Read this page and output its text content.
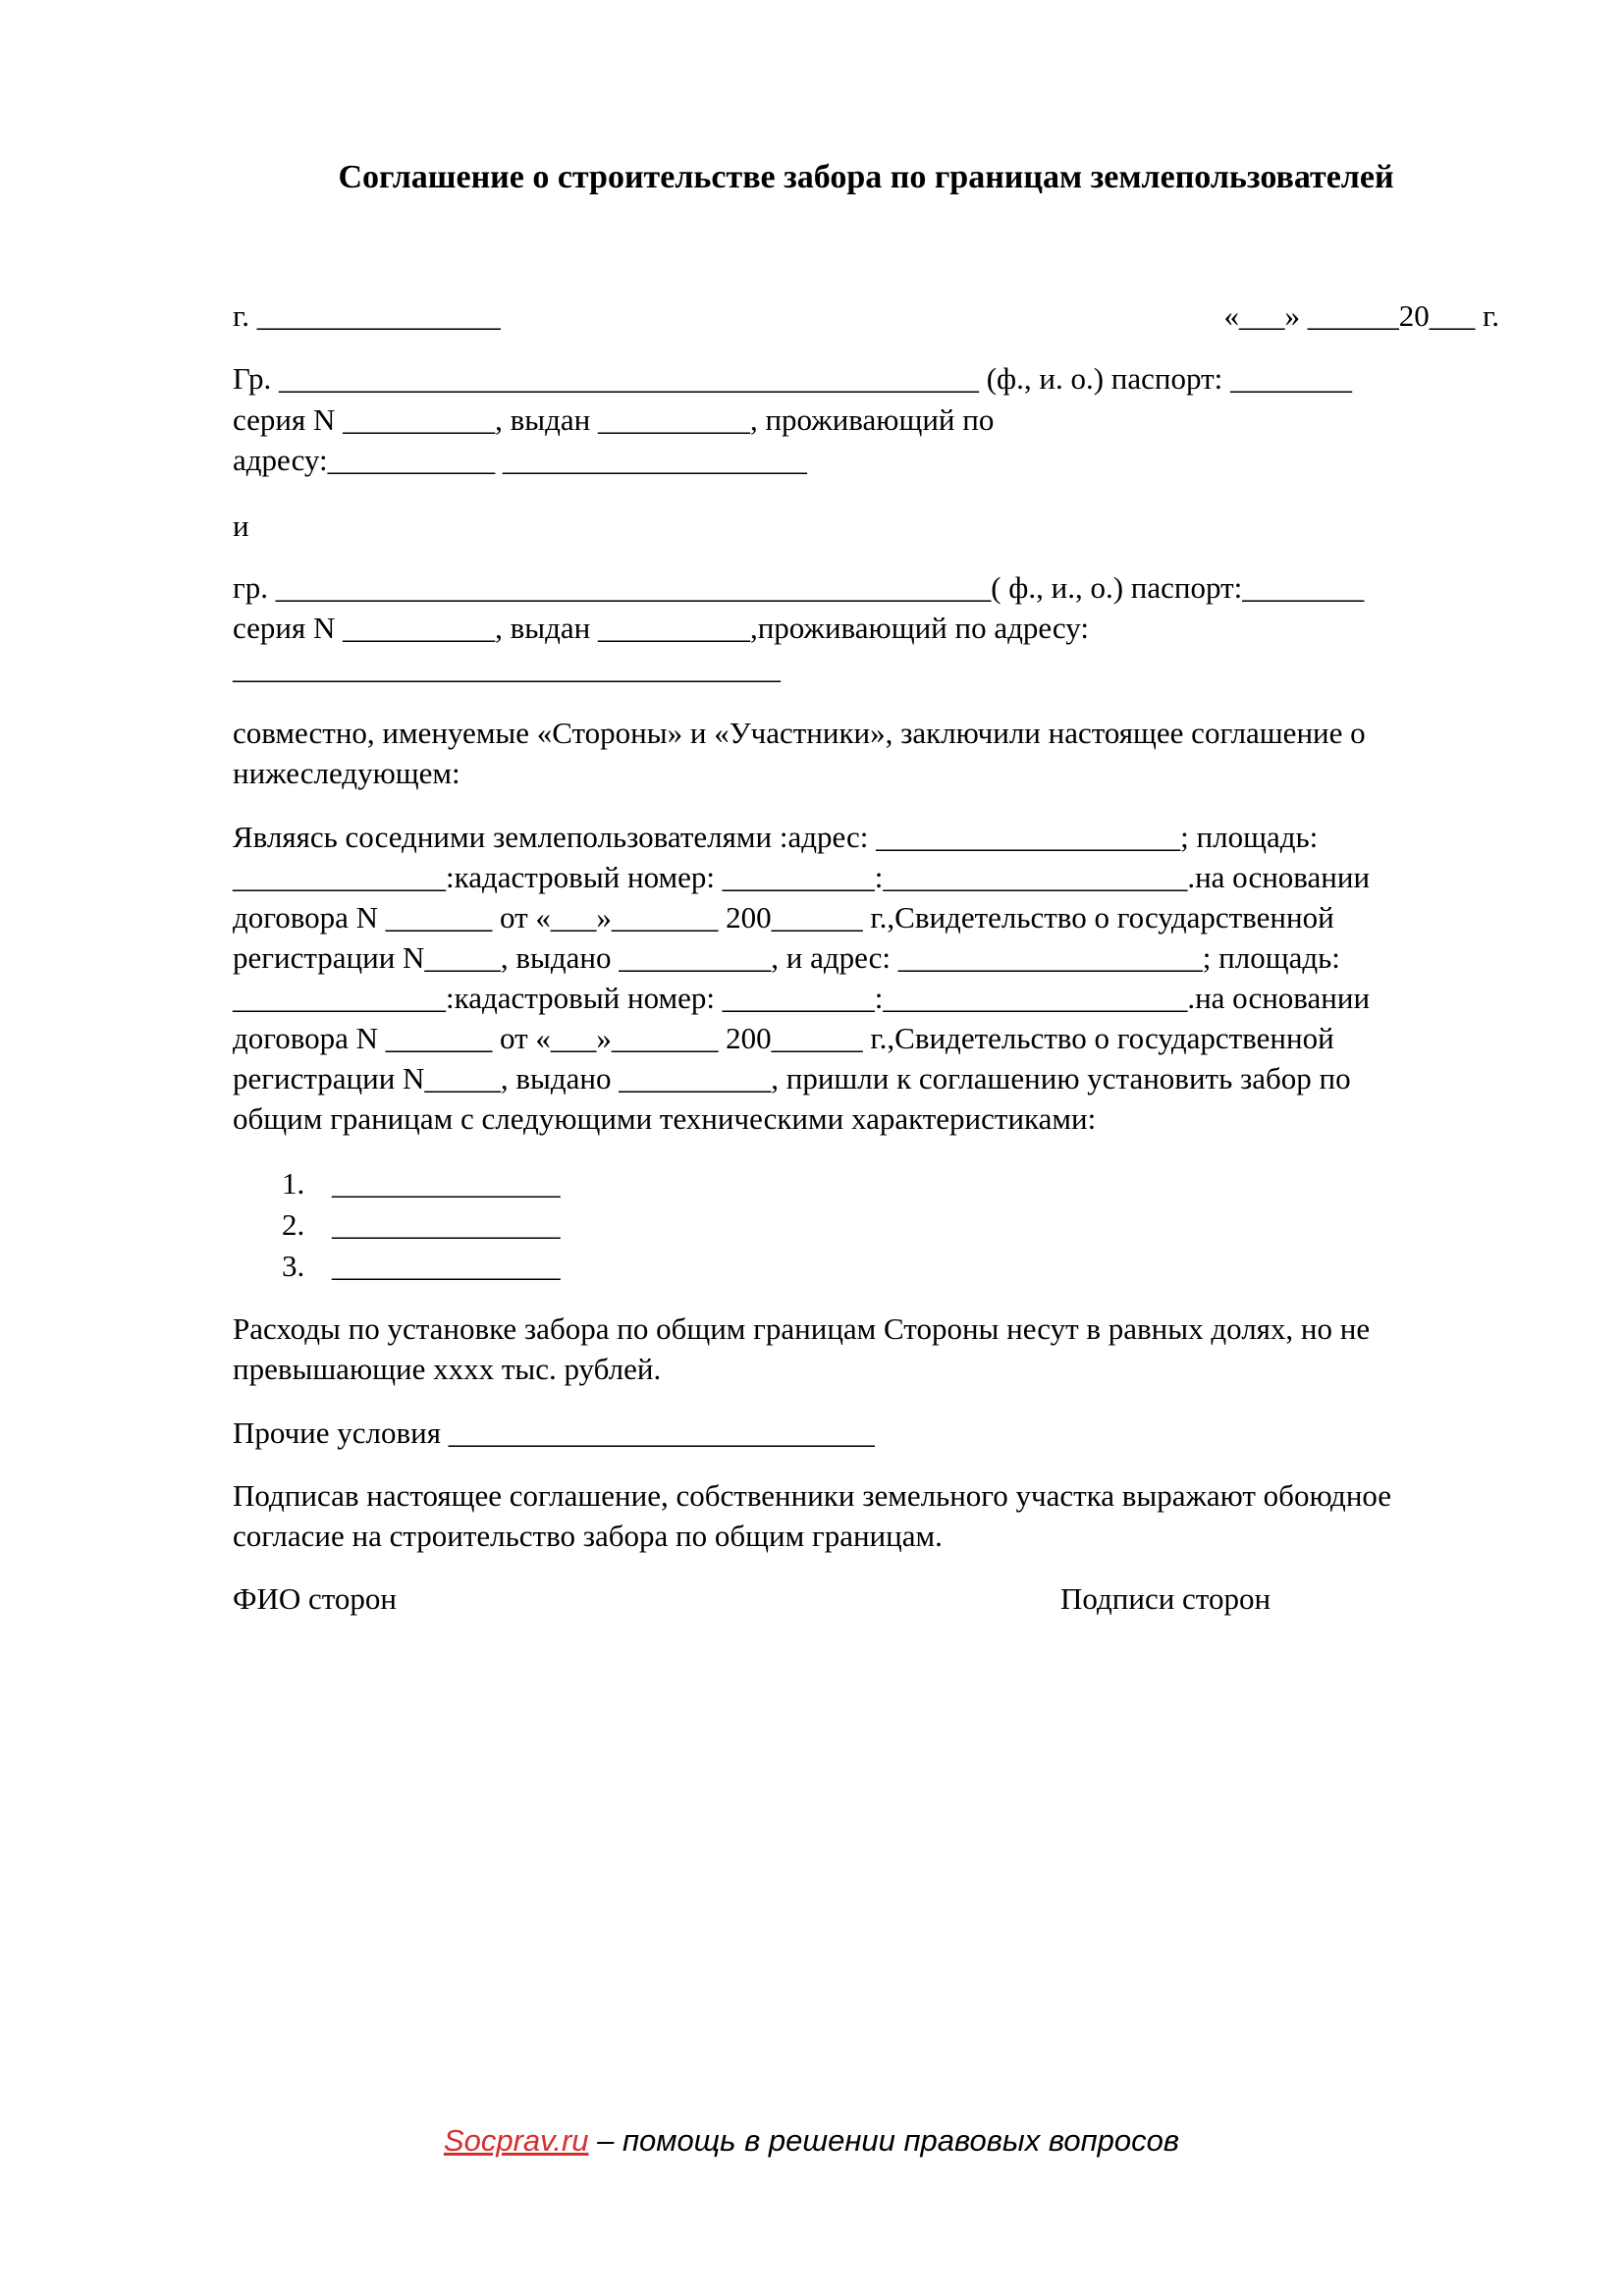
Соглашение о строительстве забора по границам землепользователей
г. ________________	«___» ______20___ г.
Гр. ______________________________________________ (ф., и. о.) паспорт: ________
серия N __________, выдан __________, проживающий по
адресу:___________ ____________________
и
гр. _______________________________________________( ф., и., о.) паспорт:________
серия N __________, выдан __________,проживающий по адресу:
____________________________________
совместно, именуемые «Стороны» и «Участники», заключили настоящее соглашение о
нижеследующем:
Являясь соседними землепользователями :адрес: ____________________; площадь:
______________:кадастровый номер: __________:____________________.на основании
договора N _______ от «___»_______ 200______ г.,Свидетельство о государственной
регистрации N_____, выдано __________, и адрес: ____________________; площадь:
______________:кадастровый номер: __________:____________________.на основании
договора N _______ от «___»_______ 200______ г.,Свидетельство о государственной
регистрации N_____, выдано __________, пришли к соглашению установить забор по
общим границам с следующими техническими характеристиками:
1. _______________
2. _______________
3. _______________
Расходы по установке забора по общим границам Стороны несут в равных долях, но не
превышающие хххх тыс. рублей.
Прочие условия ____________________________
Подписав настоящее соглашение, собственники земельного участка выражают обоюдное
согласие на строительство забора по общим границам.
ФИО сторон	Подписи сторон
Socprav.ru – помощь в решении правовых вопросов
